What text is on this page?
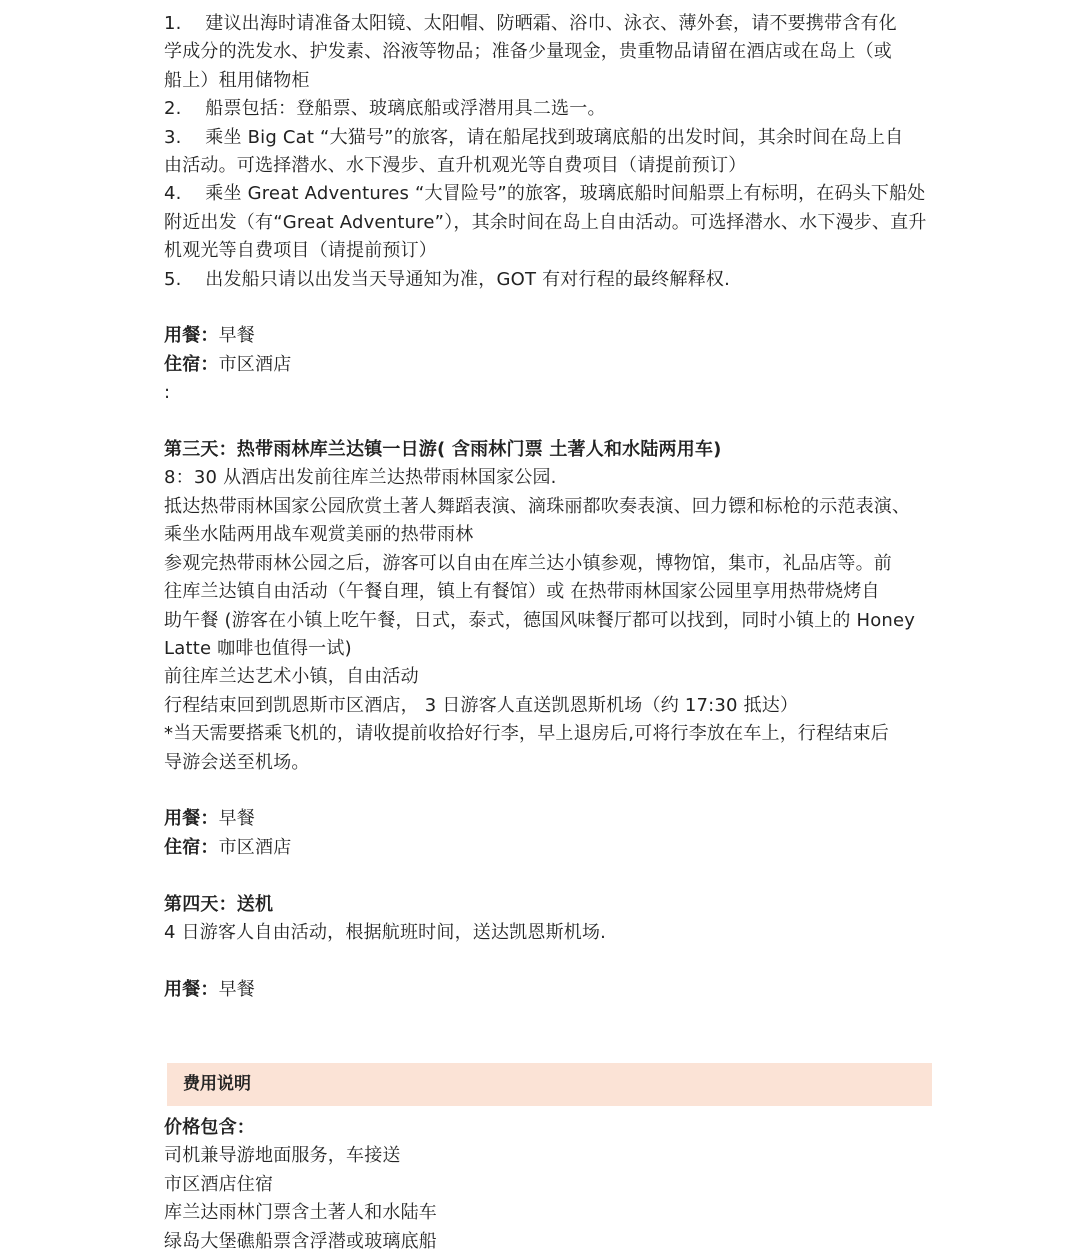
1.    建议出海时请准备太阳镜、太阳帽、防晒霜、浴巾、泳衣、薄外套，请不要携带含有化
学成分的洗发水、护发素、浴液等物品；准备少量现金，贵重物品请留在酒店或在岛上（或
船上）租用储物柜
2.    船票包括：登船票、玻璃底船或浮潜用具二选一。
3.    乘坐 Big Cat “大猫号”的旅客，请在船尾找到玻璃底船的出发时间，其余时间在岛上自
由活动。可选择潜水、水下漫步、直升机观光等自费项目（请提前预订）
4.    乘坐 Great Adventures “大冒险号”的旅客，玻璃底船时间船票上有标明，在码头下船处
附近出发（有“Great Adventure”），其余时间在岛上自由活动。可选择潜水、水下漫步、直升
机观光等自费项目（请提前预订）
5.    出发船只请以出发当天导通知为准，GOT 有对行程的最终解释权.
用餐：早餐
住宿：市区酒店
:
第三天：热带雨林库兰达镇一日游( 含雨林门票 土著人和水陆两用车)
8：30 从酒店出发前往库兰达热带雨林国家公园.
抵达热带雨林国家公园欣赏土著人舞蹈表演、滴珠丽都吹奏表演、回力镖和标枪的示范表演、
乘坐水陆两用战车观赏美丽的热带雨林
参观完热带雨林公园之后，游客可以自由在库兰达小镇参观，博物馆，集市，礼品店等。前
往库兰达镇自由活动（午餐自理，镇上有餐馆）或 在热带雨林国家公园里享用热带烧烤自
助午餐 (游客在小镇上吃午餐，日式，泰式，德国风味餐厅都可以找到，同时小镇上的 Honey
Latte 咖啡也值得一试)
前往库兰达艺术小镇，自由活动
行程结束回到凯恩斯市区酒店， 3 日游客人直送凯恩斯机场（约 17:30 抵达）
*当天需要搭乘飞机的，请收提前收拾好行李，早上退房后,可将行李放在车上，行程结束后
导游会送至机场。
用餐：早餐
住宿：市区酒店
第四天：送机
4 日游客人自由活动，根据航班时间，送达凯恩斯机场.
用餐：早餐
费用说明
价格包含：
司机兼导游地面服务，车接送
市区酒店住宿
库兰达雨林门票含土著人和水陆车
绿岛大堡礁船票含浮潜或玻璃底船
